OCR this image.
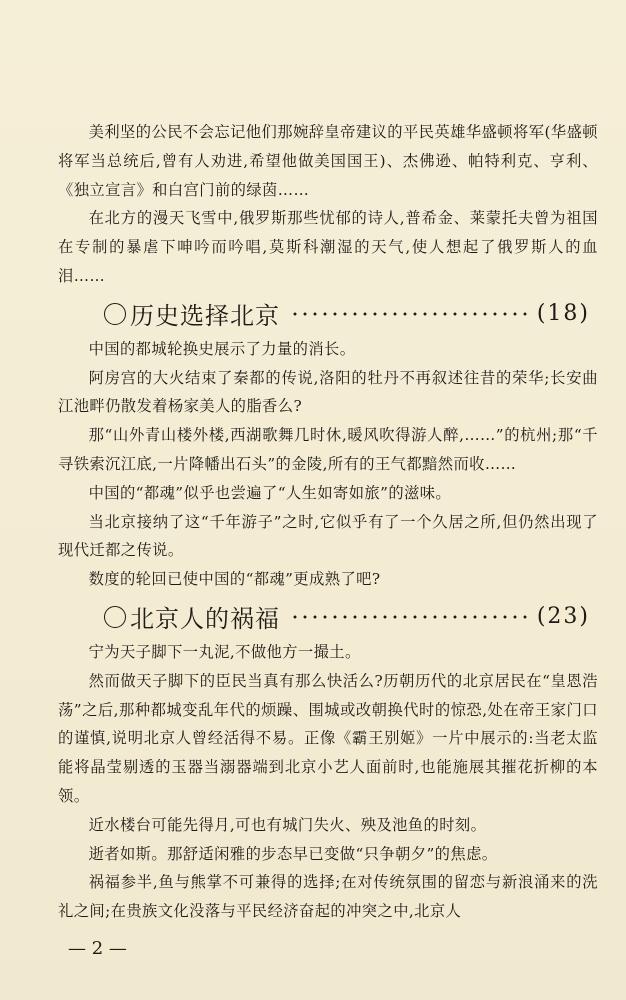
美利坚的公民不会忘记他们那婉辞皇帝建议的平民英雄华盛顿将军(华盛顿将军当总统后,曾有人劝进,希望他做美国国王)、杰佛逊、帕特利克、亨利、《独立宣言》和白宫门前的绿茵……

在北方的漫天飞雪中,俄罗斯那些忧郁的诗人,普希金、莱蒙托夫曾为祖国在专制的暴虐下呻吟而吟唱,莫斯科潮湿的天气,使人想起了俄罗斯人的血泪……

历史选择北京	(18)

中国的都城轮换史展示了力量的消长。

阿房宫的大火结束了秦都的传说,洛阳的牡丹不再叙述往昔的荣华;长安曲江池畔仍散发着杨家美人的脂香么?

那“山外青山楼外楼,西湖歌舞几时休,暖风吹得游人醉,……”的杭州;那“千寻铁索沉江底,一片降幡出石头”的金陵,所有的王气都黯然而收……

中国的“都魂”似乎也尝遍了“人生如寄如旅”的滋味。

当北京接纳了这“千年游子”之时,它似乎有了一个久居之所,但仍然出现了现代迁都之传说。

数度的轮回已使中国的“都魂”更成熟了吧?

北京人的祸福	(23)

宁为天子脚下一丸泥,不做他方一撮土。

然而做天子脚下的臣民当真有那么快活么?历朝历代的北京居民在“皇恩浩荡”之后,那种都城变乱年代的烦躁、围城或改朝换代时的惊恐,处在帝王家门口的谨慎,说明北京人曾经活得不易。正像《霸王别姬》一片中展示的:当老太监能将晶莹剔透的玉器当溺器端到北京小艺人面前时,也能施展其摧花折柳的本领。

近水楼台可能先得月,可也有城门失火、殃及池鱼的时刻。

逝者如斯。那舒适闲雅的步态早已变做“只争朝夕”的焦虑。

祸福参半,鱼与熊掌不可兼得的选择;在对传统氛围的留恋与新浪涌来的洗礼之间;在贵族文化没落与平民经济奋起的冲突之中,北京人

— 2 —
